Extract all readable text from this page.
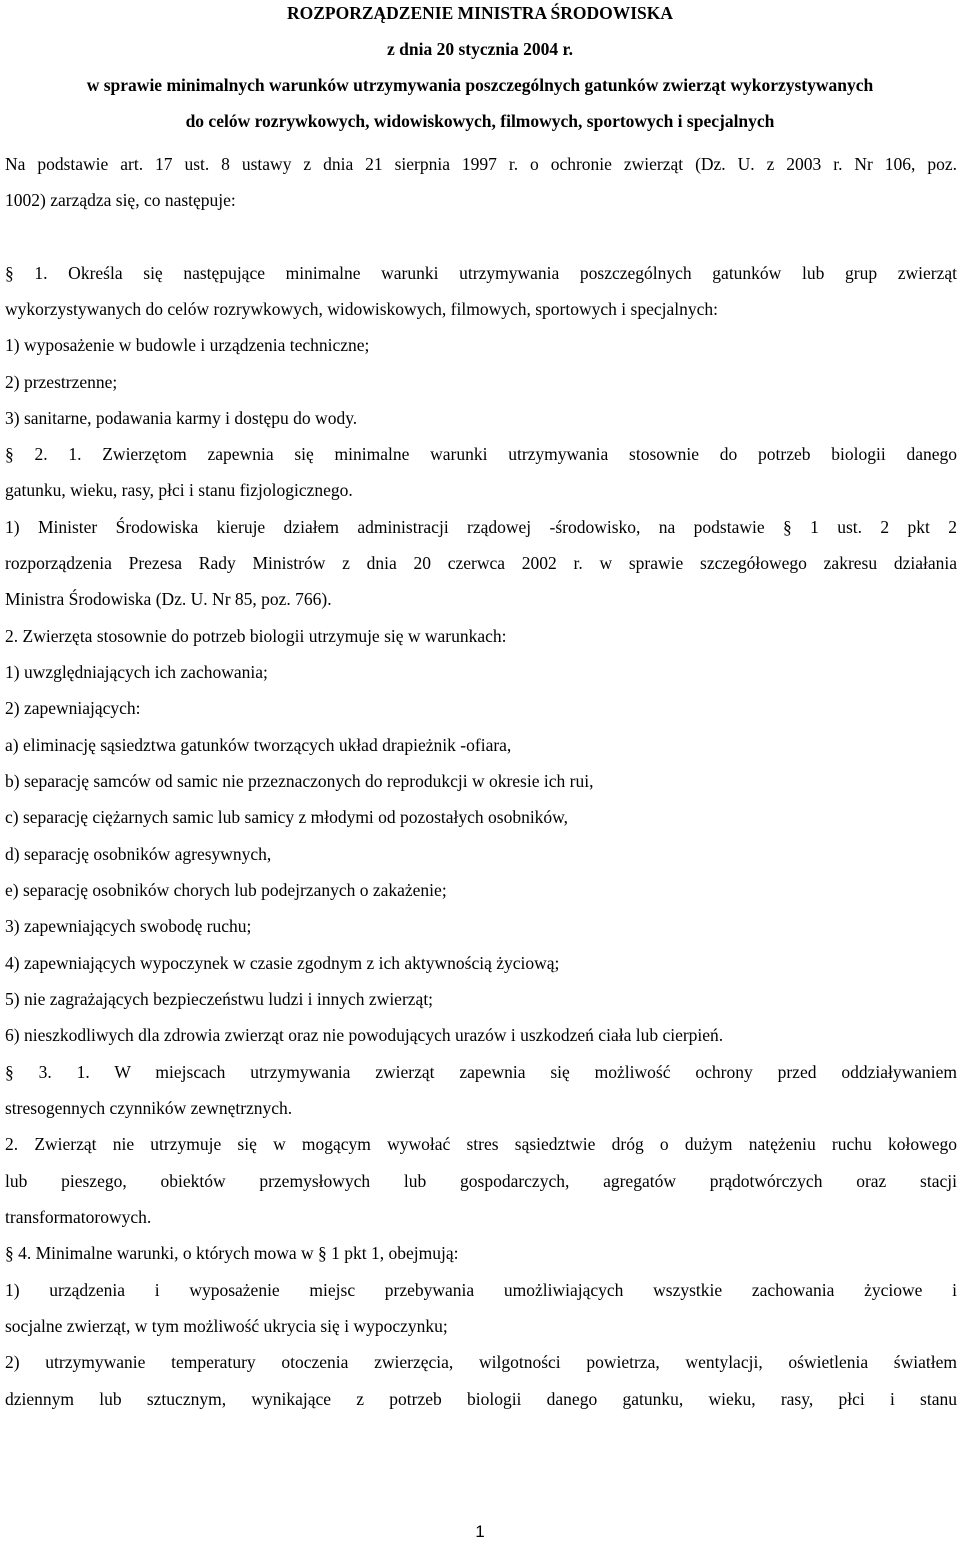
ROZPORZĄDZENIE MINISTRA ŚRODOWISKA
z dnia 20 stycznia 2004 r.
w sprawie minimalnych warunków utrzymywania poszczególnych gatunków zwierząt wykorzystywanych
do celów rozrywkowych, widowiskowych, filmowych, sportowych i specjalnych
Na podstawie art. 17 ust. 8 ustawy z dnia 21 sierpnia 1997 r. o ochronie zwierząt (Dz. U. z 2003 r. Nr 106, poz.
1002) zarządza się, co następuje:
§ 1. Określa się następujące minimalne warunki utrzymywania poszczególnych gatunków lub grup zwierząt
wykorzystywanych do celów rozrywkowych, widowiskowych, filmowych, sportowych i specjalnych:
1) wyposażenie w budowle i urządzenia techniczne;
2) przestrzenne;
3) sanitarne, podawania karmy i dostępu do wody.
§ 2. 1. Zwierzętom zapewnia się minimalne warunki utrzymywania stosownie do potrzeb biologii danego
gatunku, wieku, rasy, płci i stanu fizjologicznego.
1) Minister Środowiska kieruje działem administracji rządowej -środowisko, na podstawie § 1 ust. 2 pkt 2
rozporządzenia Prezesa Rady Ministrów z dnia 20 czerwca 2002 r. w sprawie szczegółowego zakresu działania
Ministra Środowiska (Dz. U. Nr 85, poz. 766).
2. Zwierzęta stosownie do potrzeb biologii utrzymuje się w warunkach:
1) uwzględniających ich zachowania;
2) zapewniających:
a) eliminację sąsiedztwa gatunków tworzących układ drapieżnik -ofiara,
b) separację samców od samic nie przeznaczonych do reprodukcji w okresie ich rui,
c) separację ciężarnych samic lub samicy z młodymi od pozostałych osobników,
d) separację osobników agresywnych,
e) separację osobników chorych lub podejrzanych o zakażenie;
3) zapewniających swobodę ruchu;
4) zapewniających wypoczynek w czasie zgodnym z ich aktywnością życiową;
5) nie zagrażających bezpieczeństwu ludzi i innych zwierząt;
6) nieszkodliwych dla zdrowia zwierząt oraz nie powodujących urazów i uszkodzeń ciała lub cierpień.
§ 3. 1. W miejscach utrzymywania zwierząt zapewnia się możliwość ochrony przed oddziaływaniem
stresogennych czynników zewnętrznych.
2. Zwierząt nie utrzymuje się w mogącym wywołać stres sąsiedztwie dróg o dużym natężeniu ruchu kołowego
lub pieszego, obiektów przemysłowych lub gospodarczych, agregatów prądotwórczych oraz stacji
transformatorowych.
§ 4. Minimalne warunki, o których mowa w § 1 pkt 1, obejmują:
1) urządzenia i wyposażenie miejsc przebywania umożliwiających wszystkie zachowania życiowe i
socjalne zwierząt, w tym możliwość ukrycia się i wypoczynku;
2) utrzymywanie temperatury otoczenia zwierzęcia, wilgotności powietrza, wentylacji, oświetlenia światłem
dziennym lub sztucznym, wynikające z potrzeb biologii danego gatunku, wieku, rasy, płci i stanu
1
